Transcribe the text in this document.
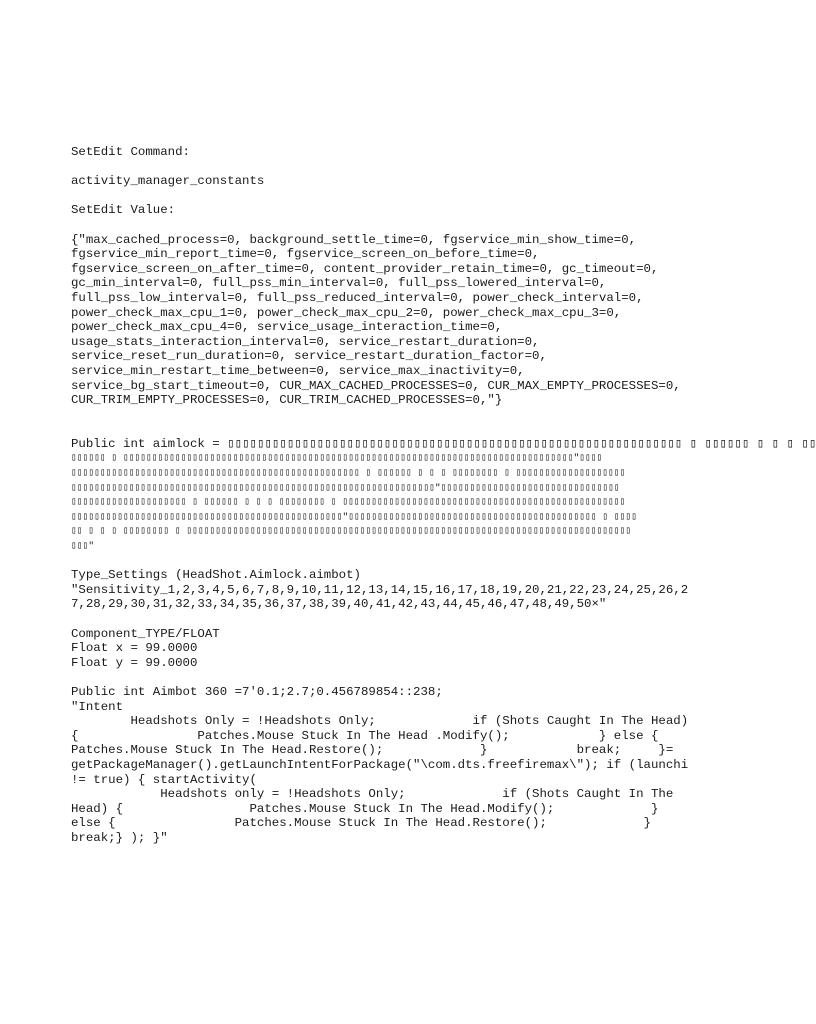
SetEdit Command:
activity_manager_constants
SetEdit Value:
{"max_cached_process=0, background_settle_time=0, fgservice_min_show_time=0,
fgservice_min_report_time=0, fgservice_screen_on_before_time=0,
fgservice_screen_on_after_time=0, content_provider_retain_time=0, gc_timeout=0,
gc_min_interval=0, full_pss_min_interval=0, full_pss_lowered_interval=0,
full_pss_low_interval=0, full_pss_reduced_interval=0, power_check_interval=0,
power_check_max_cpu_1=0, power_check_max_cpu_2=0, power_check_max_cpu_3=0,
power_check_max_cpu_4=0, service_usage_interaction_time=0,
usage_stats_interaction_interval=0, service_restart_duration=0,
service_reset_run_duration=0, service_restart_duration_factor=0,
service_min_restart_time_between=0, service_max_inactivity=0,
service_bg_start_timeout=0, CUR_MAX_CACHED_PROCESSES=0, CUR_MAX_EMPTY_PROCESSES=0,
CUR_TRIM_EMPTY_PROCESSES=0, CUR_TRIM_CACHED_PROCESSES=0,"}
Public int aimlock = ▯▯▯▯▯▯▯▯▯▯▯▯▯▯▯▯▯▯▯▯▯▯▯▯▯▯▯▯▯▯▯▯▯▯▯▯▯▯▯▯▯▯▯▯▯▯▯▯▯▯▯▯▯▯▯▯▯▯▯▯▯ ▯ ▯▯▯▯▯▯ ▯ ▯ ▯ ▯▯
▯▯▯▯▯▯ ▯ ▯▯▯▯▯▯▯▯▯▯▯▯▯▯▯▯▯▯▯▯▯▯▯▯▯▯▯▯▯▯▯▯▯▯▯▯▯▯▯▯▯▯▯▯▯▯▯▯▯▯▯▯▯▯▯▯▯▯▯▯▯▯▯▯▯▯▯▯▯▯▯▯▯▯▯▯▯▯"▯▯▯▯
▯▯▯▯▯▯▯▯▯▯▯▯▯▯▯▯▯▯▯▯▯▯▯▯▯▯▯▯▯▯▯▯▯▯▯▯▯▯▯▯▯▯▯▯▯▯▯▯▯▯ ▯ ▯▯▯▯▯▯ ▯ ▯ ▯ ▯▯▯▯▯▯▯▯ ▯ ▯▯▯▯▯▯▯▯▯▯▯▯▯▯▯▯▯▯▯
▯▯▯▯▯▯▯▯▯▯▯▯▯▯▯▯▯▯▯▯▯▯▯▯▯▯▯▯▯▯▯▯▯▯▯▯▯▯▯▯▯▯▯▯▯▯▯▯▯▯▯▯▯▯▯▯▯▯▯▯▯▯▯"▯▯▯▯▯▯▯▯▯▯▯▯▯▯▯▯▯▯▯▯▯▯▯▯▯▯▯▯▯▯▯
▯▯▯▯▯▯▯▯▯▯▯▯▯▯▯▯▯▯▯▯ ▯ ▯▯▯▯▯▯ ▯ ▯ ▯ ▯▯▯▯▯▯▯▯ ▯ ▯▯▯▯▯▯▯▯▯▯▯▯▯▯▯▯▯▯▯▯▯▯▯▯▯▯▯▯▯▯▯▯▯▯▯▯▯▯▯▯▯▯▯▯▯▯▯▯▯
▯▯▯▯▯▯▯▯▯▯▯▯▯▯▯▯▯▯▯▯▯▯▯▯▯▯▯▯▯▯▯▯▯▯▯▯▯▯▯▯▯▯▯▯▯▯▯"▯▯▯▯▯▯▯▯▯▯▯▯▯▯▯▯▯▯▯▯▯▯▯▯▯▯▯▯▯▯▯▯▯▯▯▯▯▯▯▯▯▯▯ ▯ ▯▯▯▯
▯▯ ▯ ▯ ▯ ▯▯▯▯▯▯▯▯ ▯ ▯▯▯▯▯▯▯▯▯▯▯▯▯▯▯▯▯▯▯▯▯▯▯▯▯▯▯▯▯▯▯▯▯▯▯▯▯▯▯▯▯▯▯▯▯▯▯▯▯▯▯▯▯▯▯▯▯▯▯▯▯▯▯▯▯▯▯▯▯▯▯▯▯▯▯▯▯
▯▯▯"
Type_Settings (HeadShot.Aimlock.aimbot)
"Sensitivity_1,2,3,4,5,6,7,8,9,10,11,12,13,14,15,16,17,18,19,20,21,22,23,24,25,26,2
7,28,29,30,31,32,33,34,35,36,37,38,39,40,41,42,43,44,45,46,47,48,49,50×"
Component_TYPE/FLOAT
Float x = 99.0000
Float y = 99.0000
Public int Aimbot 360 =7'0.1;2.7;0.456789854::238;
"Intent
Headshots Only = !Headshots Only;             if (Shots Caught In The Head)
{                Patches.Mouse Stuck In The Head .Modify();            } else {
Patches.Mouse Stuck In The Head.Restore();             }            break;     }=
getPackageManager().getLaunchIntentForPackage("\com.dts.freefiremax\"); if (launchi
!= true) { startActivity(
Headshots only = !Headshots Only;             if (Shots Caught In The
Head) {                 Patches.Mouse Stuck In The Head.Modify();             }
else {                Patches.Mouse Stuck In The Head.Restore();             }
break;} ); }"
